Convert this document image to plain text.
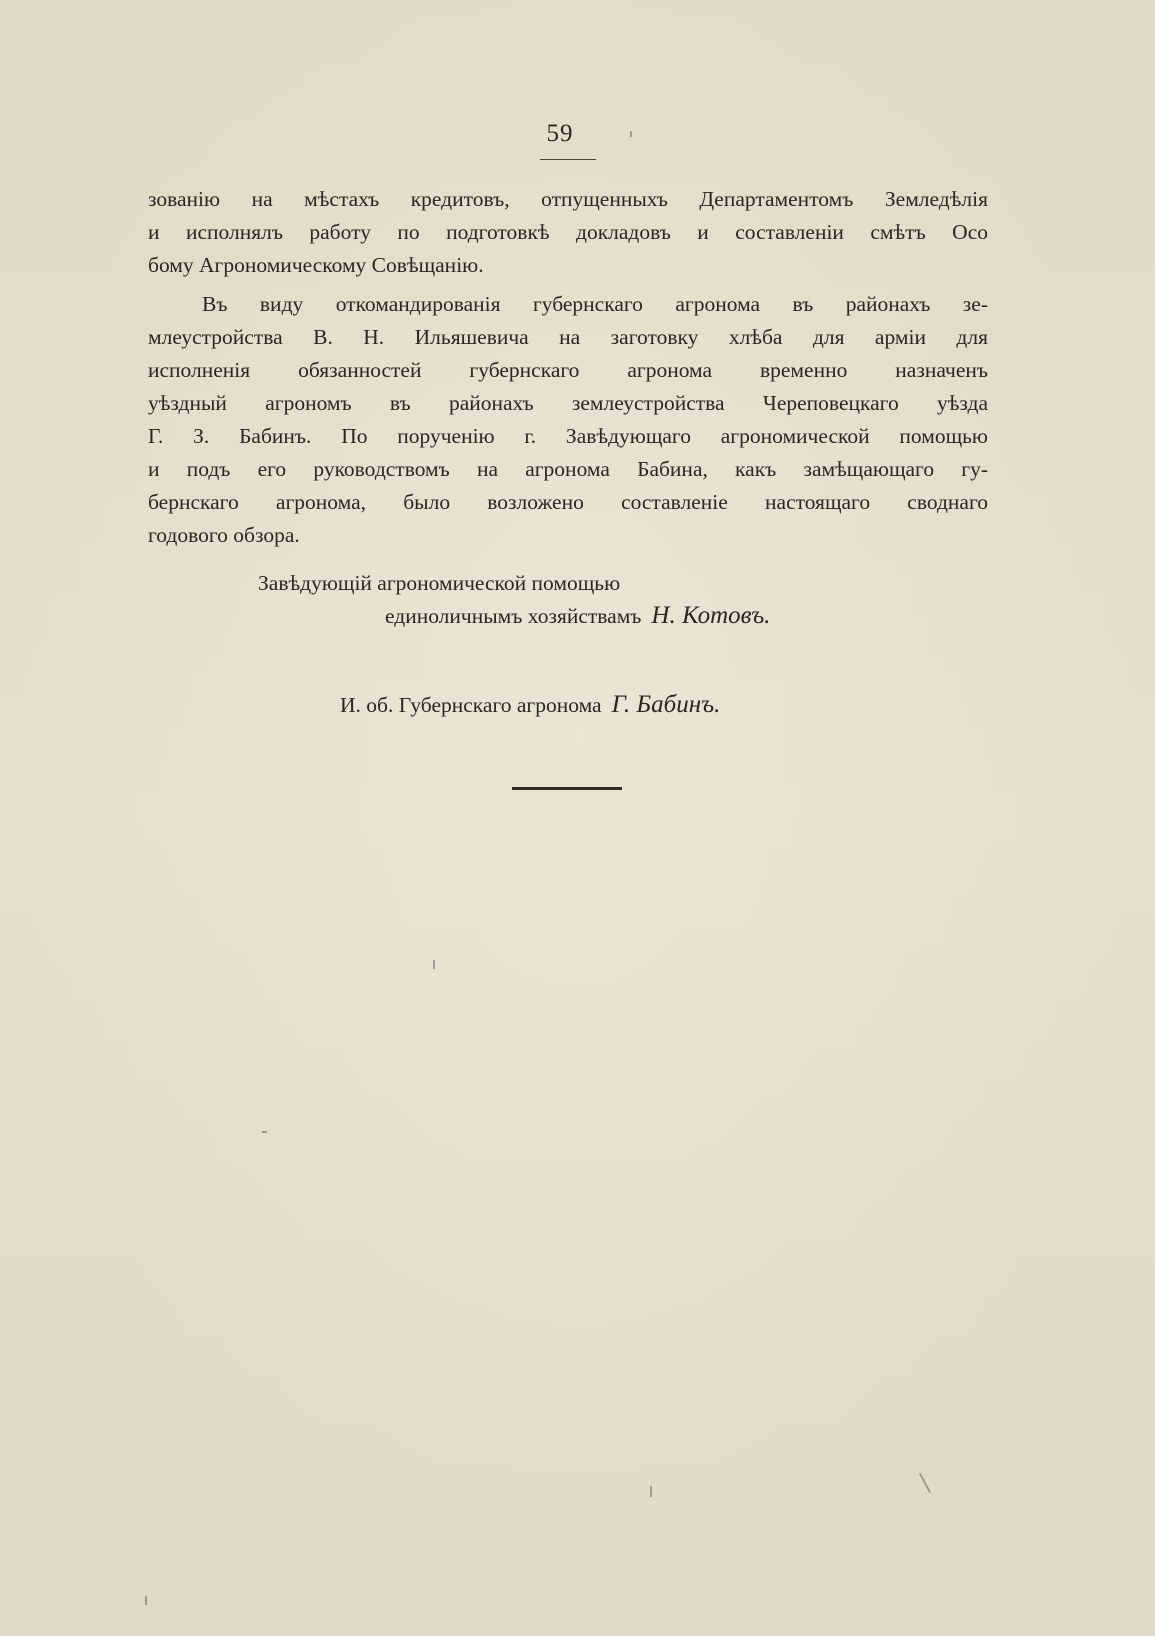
59
зованію на мѣстахъ кредитовъ, отпущенныхъ Департаментомъ Земледѣлія
и исполнялъ работу по подготовкѣ докладовъ и составленіи смѣтъ Осо
бому Агрономическому Совѣщанію.
Въ виду откомандированія губернскаго агронома въ районахъ зе-
млеустройства В. Н. Ильяшевича на заготовку хлѣба для арміи для
исполненія обязанностей губернскаго агронома временно назначенъ
уѣздный агрономъ въ районахъ землеустройства Череповецкаго уѣзда
Г. З. Бабинъ. По порученію г. Завѣдующаго агрономической помощью
и подъ его руководствомъ на агронома Бабина, какъ замѣщающаго гу-
бернскаго агронома, было возложено составленіе настоящаго своднаго
годового обзора.
Завѣдующій агрономической помощью
единоличнымъ хозяйствамъ Н. Котовъ.
И. об. Губернскаго агронома Г. Бабинъ.
